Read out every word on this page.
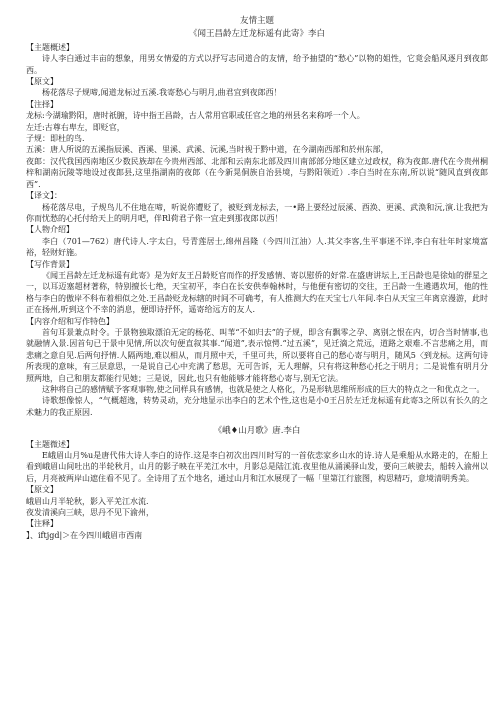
友情主题
《闻王昌龄左迁龙标遥有此寄》李白
【主题概述】

诗人李白通过丰亩的想象，用男女情爱的方式以抒写志同道合的友情，给予抽望的“愁心”以物的姐性，它竟会船风逐月到夜郎西。

【原文】

杨花落尽子规啼,闻道龙标过五溪.我寄愁心与明月,曲君宜到夜郎西！

【注择】

龙标:今湖瑜黔阳，唐时祇腑，诗中指王昌龄，古人常用官职或任官之地的州县名来称呼一个人。

左迁:古尊右卑左，即贬官，

子规：即杜的鸟.

五溪：唐人所说的五溪指辰溪、酉溪、里溪、武溪、沅溪,当时视于黔中道，在今湖南西部和於州东部，

夜郎：汉代我国西南地区少数民族却在今贵州西部、北部和云南东北部及四川南部部分地区建立过政权，称为夜郎.唐代在今贵州桐梓和湖南沅陵等地设过夜郎县,这里指湖南的夜郎（在今新晃侗族自治县境，与黔阳领近）.李白当时在东南,所以说“随风直到夜郎西”．

【译文】：

杨花落尽电，子规鸟儿不住地在啼，听说你遭贬了，被贬到龙标去，一•路上要经过辰溪、酉涣、更溪、武涣和沅,演.让我把为你而忧愁的心托付给天上的明月吧，伴Rl荷君子你一宜走到那夜郎以西！

【人物介绍】

李白（701—762）唐代诗人.字太白，号青莲居士,绵州昌隆（今四川江油）人.其父李客,生平事迷不详,李白有壮年时家境富裕，轻财好施。

【写作背景】

《闻王昌龄左迁龙标遥有此寄》是为好友王吕龄贬官而作的抒发感情、寄以慰侨的好常.在盛唐讲坛上,王吕龄也是徐灿的群星之一，以耳迈塞超材著称，特别擅长七绝，天宝初平，李白在长安供奉翰林时，与他便有密切的交往，王吕龄一生遴遇坎坷，他的性格与李白的傲岸不科布着相似之处.王昌龄贬龙标辖的时间不可确考，有人推测大约在天宝七八年间.李白从天宝三年离京漫游，此时正在扬州,听到这个不幸的消息，便即诗抒怀，遥寄给远方的友人.

【内容介绍和写作特色】

首句耳景兼点时令。于景物独取漂泊无定的杨花、叫苇“不如归去”的子规，即含有飘零之孕、离别之恨在内，切合当时情事,也就融情入景.因首句已于景中见情,所以次句便直叙其事.“闻道”,表示惊愕.“过五溪”，见迁滴之荒远，道路之艰难.不言悲痛之用，而悲痛之意自见.后两句抒情.人隔两地,难以相从，而月照中天，千里可共，所以要将自己的愁心寄与明月，随风5〈到龙标。这两句诗所表现的意味，有三层意思，一是说自己心中充满了愁思，无可告诉，无人理解，只有将这种愁心托之于明月；二是说惟有明月分照两地，自己和朋友都能行见她；三是说，因此,也只有他能够才能将愁心寄与,别无它法。

这种将自己的感情赋予客观事物,使之同样具有感情，也就是使之人格化，乃是形轨思维所形成的巨大的特点之一和优点之一。

诗歌想像惊人，“气概超逸，转势灵动，充分地显示出李白的艺术个性,这也是小0王吕於左迁龙标遥有此寄3之所以有长久的之术魅力的我正原因.

《峨♦山月歌》唐.李白
【主题微述】

E峨眉山月%u是唐代伟大诗人李白的诗作.这是李白初次出四川时写的一首依恋家乡山水的诗.诗人是乘船从水路走的，在船上看到峨眉山间吐出的半轮秋月，山月的影子映在平羌江水中，月影总是陆江流.夜里他从涌溪驿山发，要向三峡驶去，船转入渝州以后，月亮被两岸山遮住看不见了。全诗用了五个地名，通过山月和江水展现了一幅「里第江行旅图，构思精巧，意境清明秀美。

【原文】

峨眉山月半轮秋，影入平羌江水流.

夜发清溪向三峡，思丹不见下渝州，

【注释】

】、iftjgd|＞在今四川峨眉市西南
